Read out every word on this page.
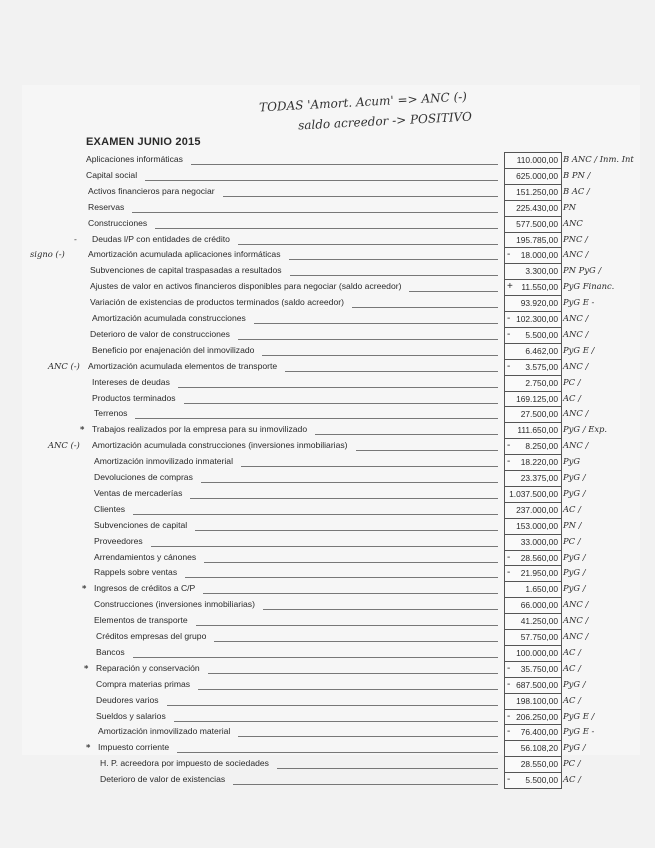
TODAS 'Amort. Acum' => ANC (-)
saldo acreedor -> POSITIVO
EXAMEN JUNIO 2015
Aplicaciones informáticas	110.000,00 B ANC / Inm. Int
Capital social	625.000,00 B PN /
Activos financieros para negociar	151.250,00 B AC /
Reservas	225.430,00 PN
Construcciones	577.500,00 ANC
- Deudas l/P con entidades de crédito	195.785,00 PNC /
signo (-)	Amortización acumulada aplicaciones informáticas	- 18.000,00 ANC /
Subvenciones de capital traspasadas a resultados	3.300,00 PN PyG /
Ajustes de valor en activos financieros disponibles para negociar (saldo acreedor)	+ 11.550,00 PyG Financ.
Variación de existencias de productos terminados (saldo acreedor)	93.920,00 PyG E -
Amortización acumulada construcciones	- 102.300,00 ANC /
Deterioro de valor de construcciones	- 5.500,00 ANC /
Beneficio por enajenación del inmovilizado	6.462,00 PyG E /
ANC (-) Amortización acumulada elementos de transporte	- 3.575,00 ANC /
Intereses de deudas	2.750,00 PC /
Productos terminados	169.125,00 AC /
Terrenos	27.500,00 ANC /
* Trabajos realizados por la empresa para su inmovilizado	111.650,00 PyG / Exp.
ANC (-) Amortización acumulada construcciones (inversiones inmobiliarias)	- 8.250,00 ANC /
Amortización inmovilizado inmaterial	- 18.220,00 PyG
Devoluciones de compras	23.375,00 PyG /
Ventas de mercaderías	1.037.500,00 PyG /
Clientes	237.000,00 AC /
Subvenciones de capital	153.000,00 PN /
Proveedores	33.000,00 PC /
Arrendamientos y cánones	- 28.560,00 PyG /
Rappels sobre ventas	- 21.950,00 PyG /
* Ingresos de créditos a C/P	1.650,00 PyG /
Construcciones (inversiones inmobiliarias)	66.000,00 ANC /
Elementos de transporte	41.250,00 ANC /
Créditos empresas del grupo	57.750,00 ANC /
Bancos	100.000,00 AC /
* Reparación y conservación	- 35.750,00 AC /
Compra materias primas	- 687.500,00 PyG /
Deudores varios	198.100,00 AC /
Sueldos y salarios	- 206.250,00 PyG E /
Amortización inmovilizado material	- 76.400,00 PyG E -
* Impuesto corriente	56.108,20 PyG /
H. P. acreedora por impuesto de sociedades	28.550,00 PC /
Deterioro de valor de existencias	- 5.500,00 AC /
